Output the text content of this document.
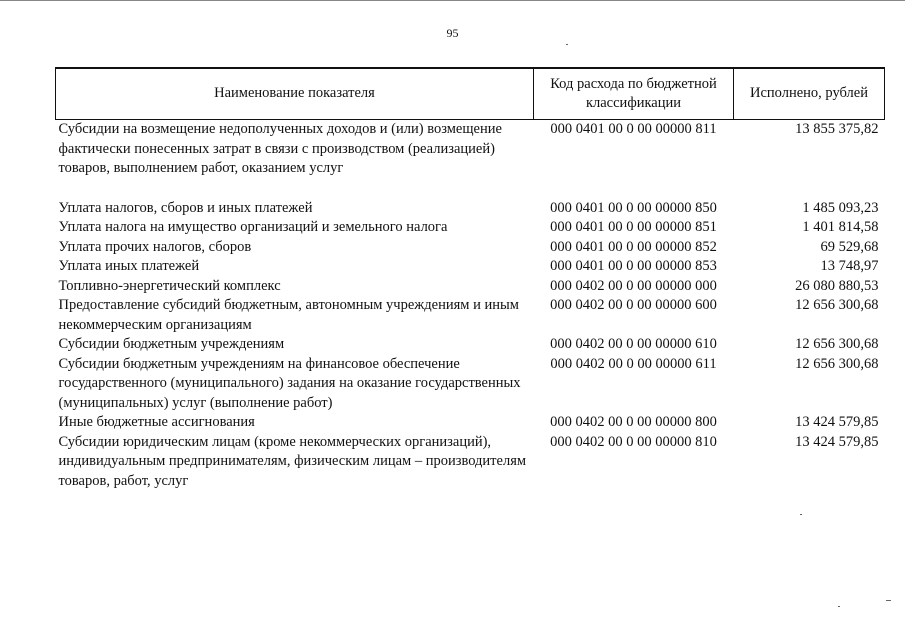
95
Наименование показателя	Код расхода по бюджетной классификации	Исполнено, рублей
Субсидии на возмещение недополученных доходов и (или) возмещение фактически понесенных затрат в связи с производством (реализацией) товаров, выполнением работ, оказанием услуг	000 0401 00 0 00 00000 811	13 855 375,82

Уплата налогов, сборов и иных платежей	000 0401 00 0 00 00000 850	1 485 093,23
Уплата налога на имущество организаций и земельного налога	000 0401 00 0 00 00000 851	1 401 814,58
Уплата прочих налогов, сборов	000 0401 00 0 00 00000 852	69 529,68
Уплата иных платежей	000 0401 00 0 00 00000 853	13 748,97
Топливно-энергетический комплекс	000 0402 00 0 00 00000 000	26 080 880,53
Предоставление субсидий бюджетным, автономным учреждениям и иным некоммерческим организациям	000 0402 00 0 00 00000 600	12 656 300,68
Субсидии бюджетным учреждениям	000 0402 00 0 00 00000 610	12 656 300,68
Субсидии бюджетным учреждениям на финансовое обеспечение государственного (муниципального) задания на оказание государственных (муниципальных) услуг (выполнение работ)	000 0402 00 0 00 00000 611	12 656 300,68
Иные бюджетные ассигнования	000 0402 00 0 00 00000 800	13 424 579,85
Субсидии юридическим лицам (кроме некоммерческих организаций), индивидуальным предпринимателям, физическим лицам – производителям товаров, работ, услуг	000 0402 00 0 00 00000 810	13 424 579,85
